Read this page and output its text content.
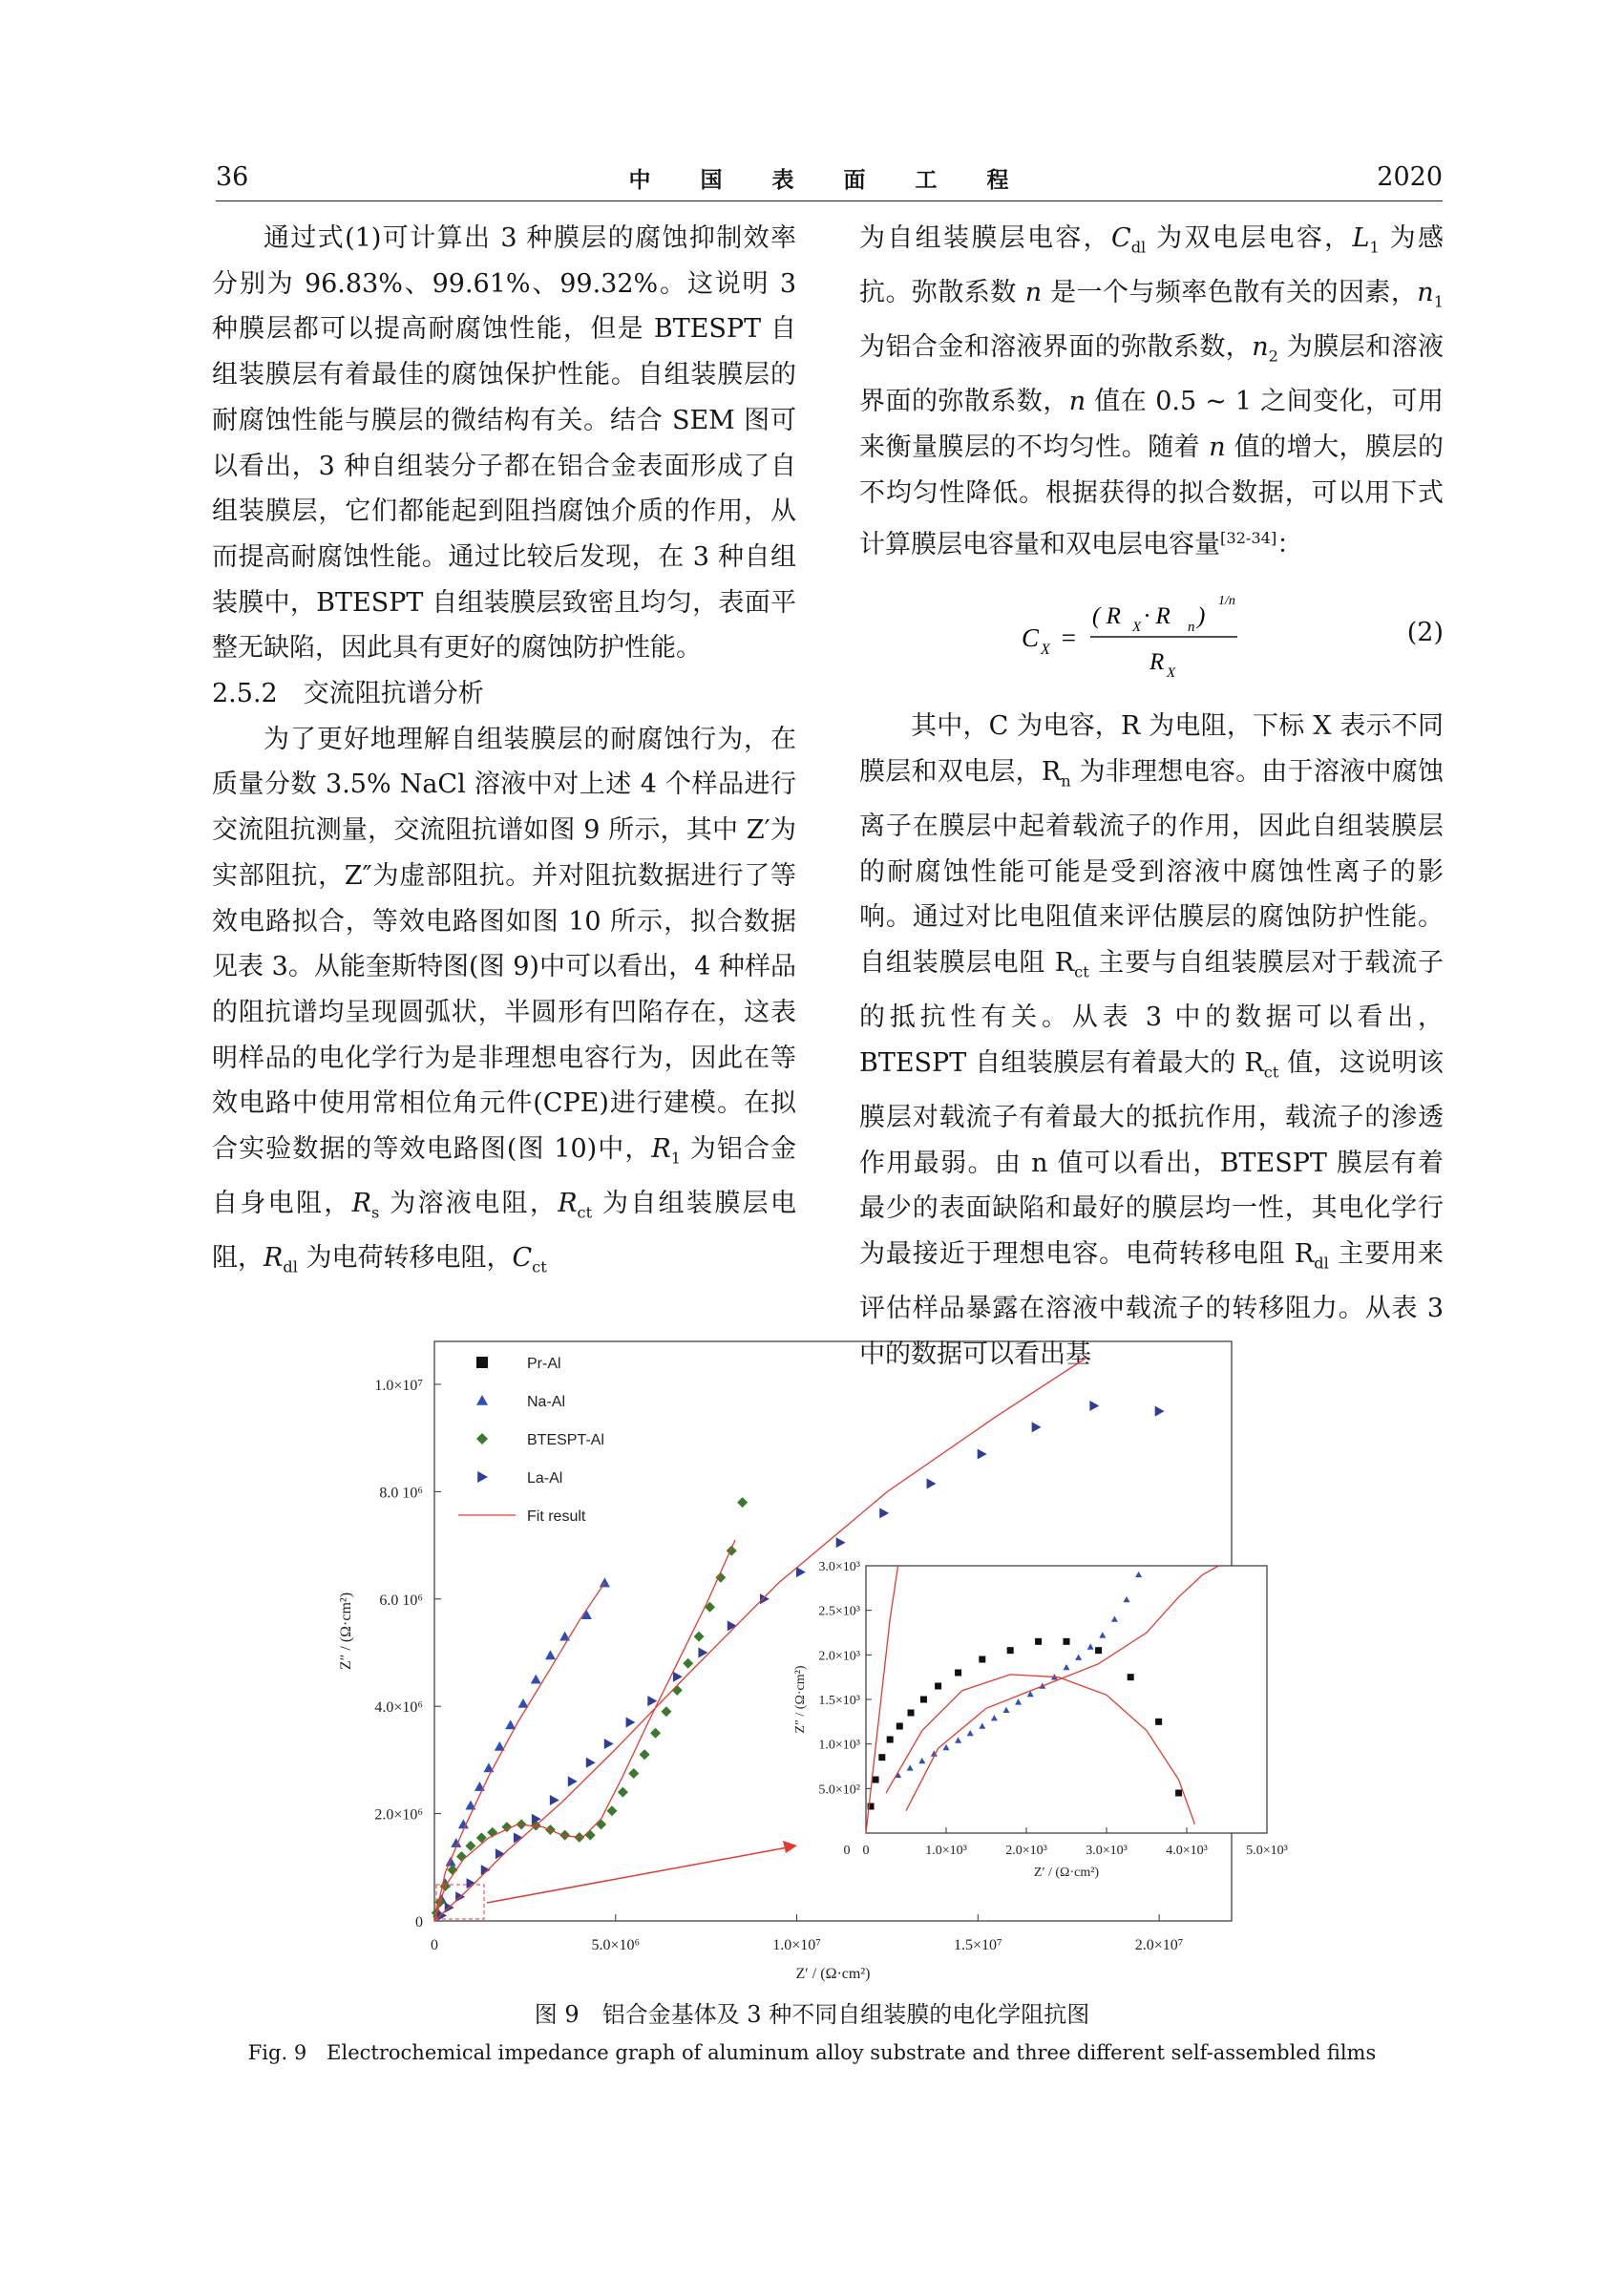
36	中 国 表 面 工 程	2020

通过式(1)可计算出 3 种膜层的腐蚀抑制效率分别为 96.83%、99.61%、99.32%。这说明 3 种膜层都可以提高耐腐蚀性能，但是 BTESPT 自组装膜层有着最佳的腐蚀保护性能。自组装膜层的耐腐蚀性能与膜层的微结构有关。结合 SEM 图可以看出，3 种自组装分子都在铝合金表面形成了自组装膜层，它们都能起到阻挡腐蚀介质的作用，从而提高耐腐蚀性能。通过比较后发现，在 3 种自组装膜中，BTESPT 自组装膜层致密且均匀，表面平整无缺陷，因此具有更好的腐蚀防护性能。

2.5.2　交流阻抗谱分析

为了更好地理解自组装膜层的耐腐蚀行为，在质量分数 3.5% NaCl 溶液中对上述 4 个样品进行交流阻抗测量，交流阻抗谱如图 9 所示，其中 Z′为实部阻抗，Z″为虚部阻抗。并对阻抗数据进行了等效电路拟合，等效电路图如图 10 所示，拟合数据见表 3。从能奎斯特图(图 9)中可以看出，4 种样品的阻抗谱均呈现圆弧状，半圆形有凹陷存在，这表明样品的电化学行为是非理想电容行为，因此在等效电路中使用常相位角元件(CPE)进行建模。在拟合实验数据的等效电路图(图 10)中，$R_1$ 为铝合金自身电阻，$R_s$ 为溶液电阻，$R_{ct}$ 为自组装膜层电阻，$R_{dl}$ 为电荷转移电阻，$C_{ct}$

为自组装膜层电容，$C_{dl}$ 为双电层电容，$L_1$ 为感抗。弥散系数 n 是一个与频率色散有关的因素，$n_1$ 为铝合金和溶液界面的弥散系数，$n_2$ 为膜层和溶液界面的弥散系数，n 值在 0.5 ~ 1 之间变化，可用来衡量膜层的不均匀性。随着 n 值的增大，膜层的不均匀性降低。根据获得的拟合数据，可以用下式计算膜层电容量和双电层电容量[32-34]：

C X =
( R X · R n )
1/n
R X
(2)

其中，C 为电容，R 为电阻，下标 X 表示不同膜层和双电层，$R_n$ 为非理想电容。由于溶液中腐蚀离子在膜层中起着载流子的作用，因此自组装膜层的耐腐蚀性能可能是受到溶液中腐蚀性离子的影响。通过对比电阻值来评估膜层的腐蚀防护性能。自组装膜层电阻 $R_{ct}$ 主要与自组装膜层对于载流子的抵抗性有关。从表 3 中的数据可以看出，BTESPT 自组装膜层有着最大的 $R_{ct}$ 值，这说明该膜层对载流子有着最大的抵抗作用，载流子的渗透作用最弱。由 n 值可以看出，BTESPT 膜层有着最少的表面缺陷和最好的膜层均一性，其电化学行为最接近于理想电容。电荷转移电阻 $R_{dl}$ 主要用来评估样品暴露在溶液中载流子的转移阻力。从表 3 中的数据可以看出基

0	5.0×10⁶	1.0×10⁷	1.5×10⁷	2.0×10⁷
0
2.0×10⁶
4.0×10⁶
6.0 10⁶
8.0 10⁶
1.0×10⁷
Z′ / (Ω·cm²)
Z″ / (Ω·cm²)
Pr-Al
Na-Al
BTESPT-Al
La-Al
Fit result
0	1.0×10³	2.0×10³	3.0×10³	4.0×10³	5.0×10³
5.0×10²
1.0×10³
1.5×10³
2.0×10³
2.5×10³
3.0×10³
0
Z′ / (Ω·cm²)
Z″ / (Ω·cm²)
图 9　铝合金基体及 3 种不同自组装膜的电化学阻抗图
Fig. 9　Electrochemical impedance graph of aluminum alloy substrate and three different self-assembled films
